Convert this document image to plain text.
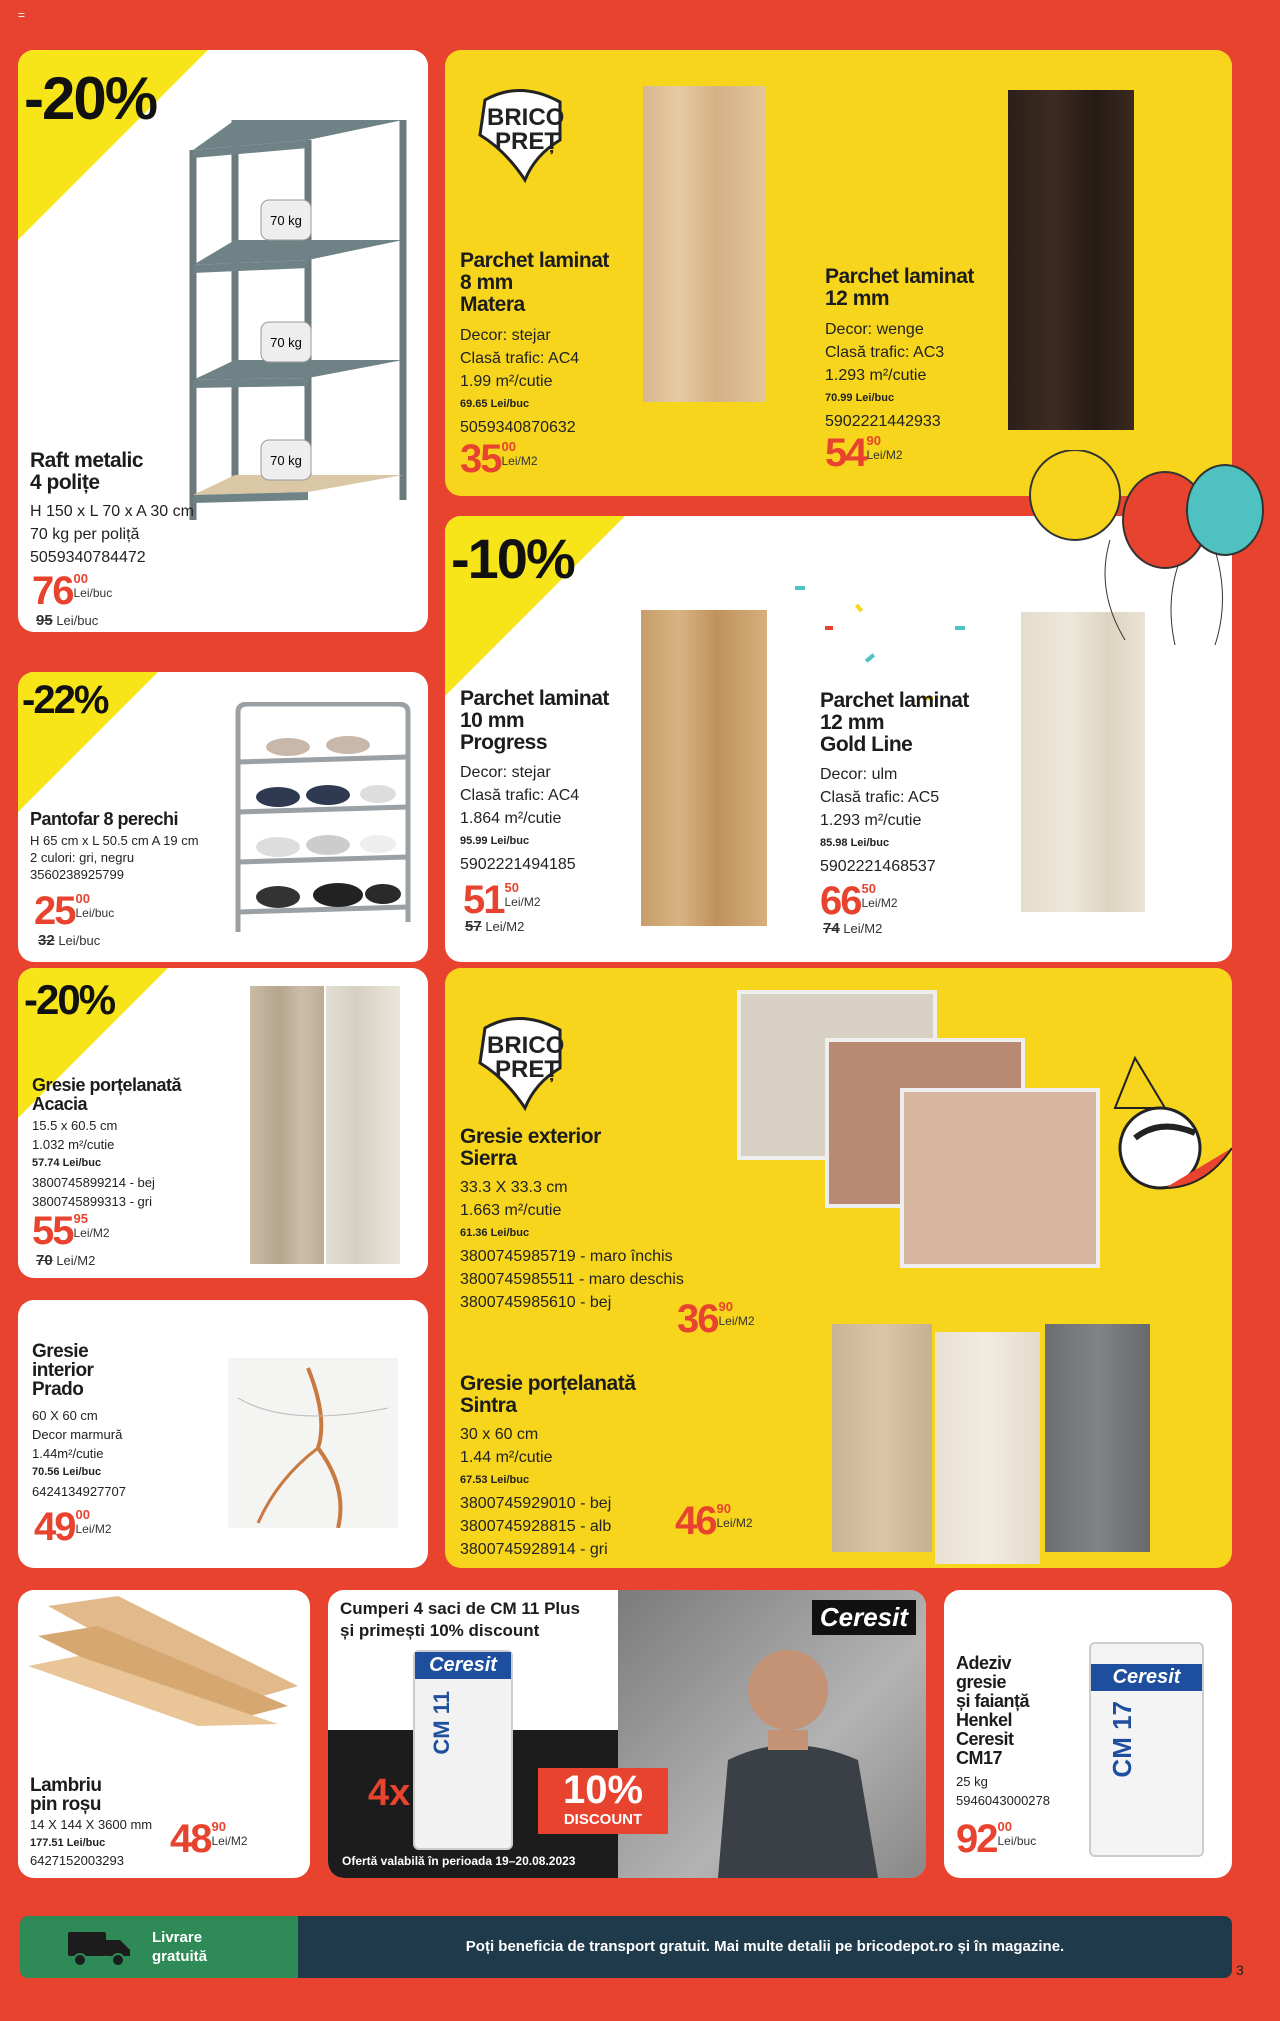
=
-20%
70 kg
70 kg
70 kg
Raft metalic
4 polițe
H 150 x L 70 x A 30 cm
70 kg per poliță
5059340784472
76 00
Lei/buc
95 Lei/buc
BRICO
PREȚ
Parchet laminat
8 mm
Matera
Decor: stejar
Clasă trafic: AC4
1.99 m²/cutie
69.65 Lei/buc
5059340870632
35 00
Lei/M2
Parchet laminat
12 mm
Decor: wenge
Clasă trafic: AC3
1.293 m²/cutie
70.99 Lei/buc
5902221442933
54 90
Lei/M2
-22%
Pantofar 8 perechi
H 65 cm x L 50.5 cm A 19 cm
2 culori: gri, negru
3560238925799
25 00
Lei/buc
32 Lei/buc
-10%
Parchet laminat
10 mm
Progress
Decor: stejar
Clasă trafic: AC4
1.864 m²/cutie
95.99 Lei/buc
5902221494185
51 50
Lei/M2
57 Lei/M2
Parchet laminat
12 mm
Gold Line
Decor: ulm
Clasă trafic: AC5
1.293 m²/cutie
85.98 Lei/buc
5902221468537
66 50
Lei/M2
74 Lei/M2
-20%
Gresie porțelanată
Acacia
15.5 x 60.5 cm
1.032 m²/cutie
57.74 Lei/buc
3800745899214 - bej
3800745899313 - gri
55 95
Lei/M2
70 Lei/M2
BRICO
PREȚ
Gresie exterior
Sierra
33.3 X 33.3 cm
1.663 m²/cutie
61.36 Lei/buc
3800745985719 - maro închis
3800745985511 - maro deschis
3800745985610 - bej	36 90
Lei/M2
Gresie porțelanată
Sintra
30 x 60 cm
1.44 m²/cutie
67.53 Lei/buc
3800745929010 - bej
3800745928815 - alb
3800745928914 - gri
46 90
Lei/M2
Gresie
interior
Prado
60 X 60 cm
Decor marmură
1.44m²/cutie
70.56 Lei/buc
6424134927707
49 00
Lei/M2
Lambriu
pin roșu
14 X 144 X 3600 mm
177.51 Lei/buc
6427152003293	48 90
Lei/M2
Ceresit
Cumperi 4 saci de CM 11 Plus
și primești 10% discount
Ceresit
CM 11
4x	10%
DISCOUNT
Ofertă valabilă în perioada 19–20.08.2023
Ceresit
CM 17
Adeziv
gresie
și faianță
Henkel
Ceresit
CM17
25 kg
5946043000278
92 00
Lei/buc
Livrare
gratuită
Poți beneficia de transport gratuit. Mai multe detalii pe bricodepot.ro și în magazine.
3
